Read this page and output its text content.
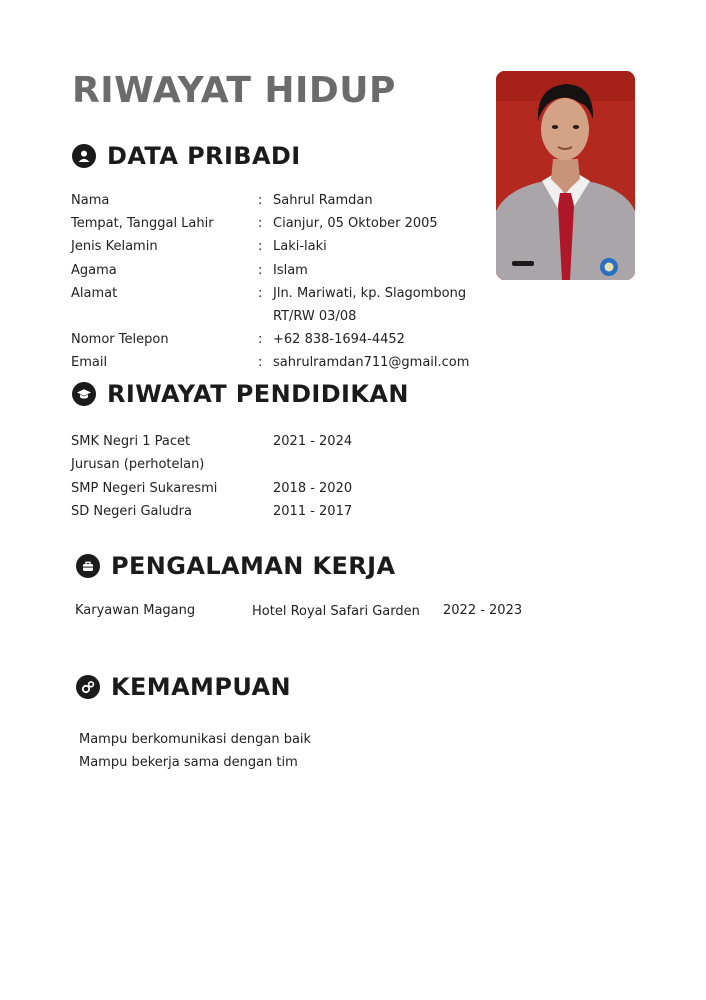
RIWAYAT HIDUP
DATA PRIBADI
Nama	: Sahrul Ramdan
Tempat, Tanggal Lahir	: Cianjur, 05 Oktober 2005
Jenis Kelamin	: Laki-laki
Agama	: Islam
Alamat	: Jln. Mariwati, kp. Slagombong
RT/RW 03/08
Nomor Telepon	: +62 838-1694-4452
Email	: sahrulramdan711@gmail.com
RIWAYAT PENDIDIKAN
SMK Negri 1 Pacet	2021 - 2024
Jurusan (perhotelan)
SMP Negeri Sukaresmi	2018 - 2020
SD Negeri Galudra	2011 - 2017
PENGALAMAN KERJA
Karyawan Magang	Hotel Royal Safari Garden 2022 - 2023
KEMAMPUAN
Mampu berkomunikasi dengan baik
Mampu bekerja sama dengan tim
